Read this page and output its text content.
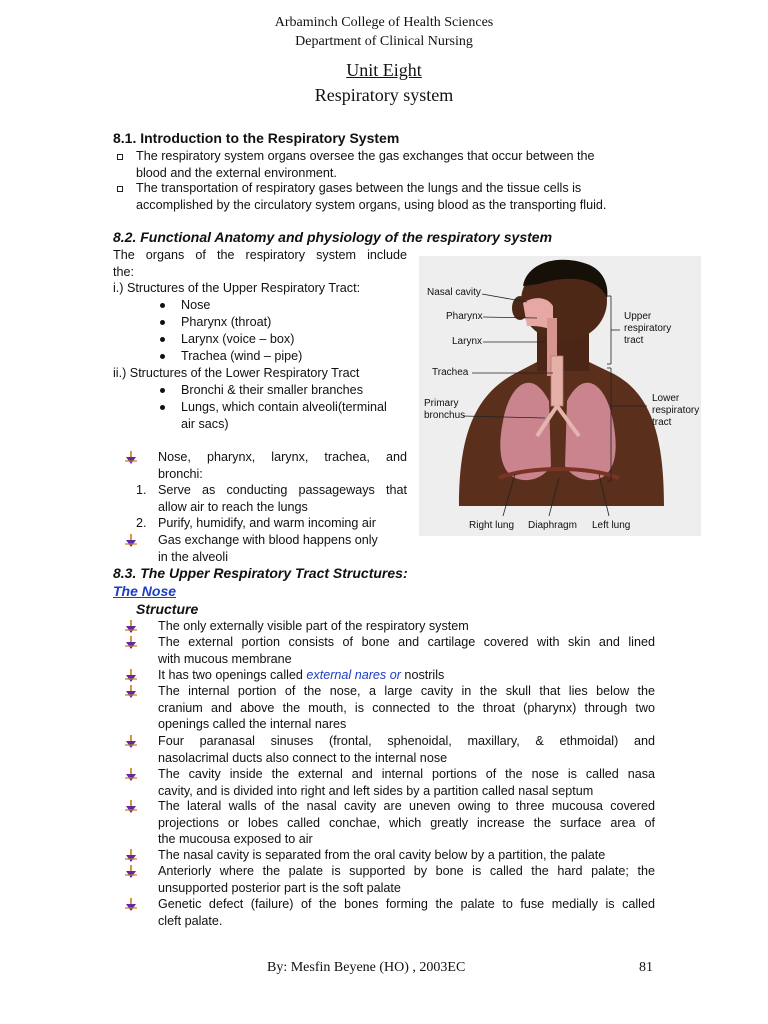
Arbaminch College of Health Sciences
Department of Clinical Nursing
Unit Eight
Respiratory system
8.1. Introduction to the Respiratory System
The respiratory system organs oversee the gas exchanges that occur between the
blood and the external environment.
The transportation of respiratory gases between the lungs and the tissue cells is
accomplished by the circulatory system organs, using blood as the transporting fluid.
8.2. Functional Anatomy and physiology of the respiratory system
The organs of the respiratory system include
the:
i.) Structures of the Upper Respiratory Tract:
Nose
Pharynx (throat)
Larynx (voice – box)
Trachea (wind – pipe)
ii.) Structures of the Lower Respiratory Tract
Bronchi & their smaller branches
Lungs, which contain alveoli(terminal
air sacs)
Nose, pharynx, larynx, trachea, and
bronchi:
1. Serve as conducting passageways that
allow air to reach the lungs
2. Purify, humidify, and warm incoming air
Gas exchange with blood happens only
in the alveoli
Nasal cavity
Pharynx
Larynx
Trachea
Primary
bronchus
Upper
respiratory
tract
Lower
respiratory
tract
Right lung Diaphragm Left lung
8.3. The Upper Respiratory Tract Structures:
The Nose
Structure
The only externally visible part of the respiratory system
The external portion consists of bone and cartilage covered with skin and lined
with mucous membrane
It has two openings called external nares or nostrils
The internal portion of the nose, a large cavity in the skull that lies below the
cranium and above the mouth, is connected to the throat (pharynx) through two
openings called the internal nares
Four paranasal sinuses (frontal, sphenoidal, maxillary, & ethmoidal) and
nasolacrimal ducts also connect to the internal nose
The cavity inside the external and internal portions of the nose is called nasa
cavity, and is divided into right and left sides by a partition called nasal septum
The lateral walls of the nasal cavity are uneven owing to three mucousa covered
projections or lobes called conchae, which greatly increase the surface area of
the mucousa exposed to air
The nasal cavity is separated from the oral cavity below by a partition, the palate
Anteriorly where the palate is supported by bone is called the hard palate; the
unsupported posterior part is the soft palate
Genetic defect (failure) of the bones forming the palate to fuse medially is called
cleft palate.
By: Mesfin Beyene (HO) , 2003EC	81
